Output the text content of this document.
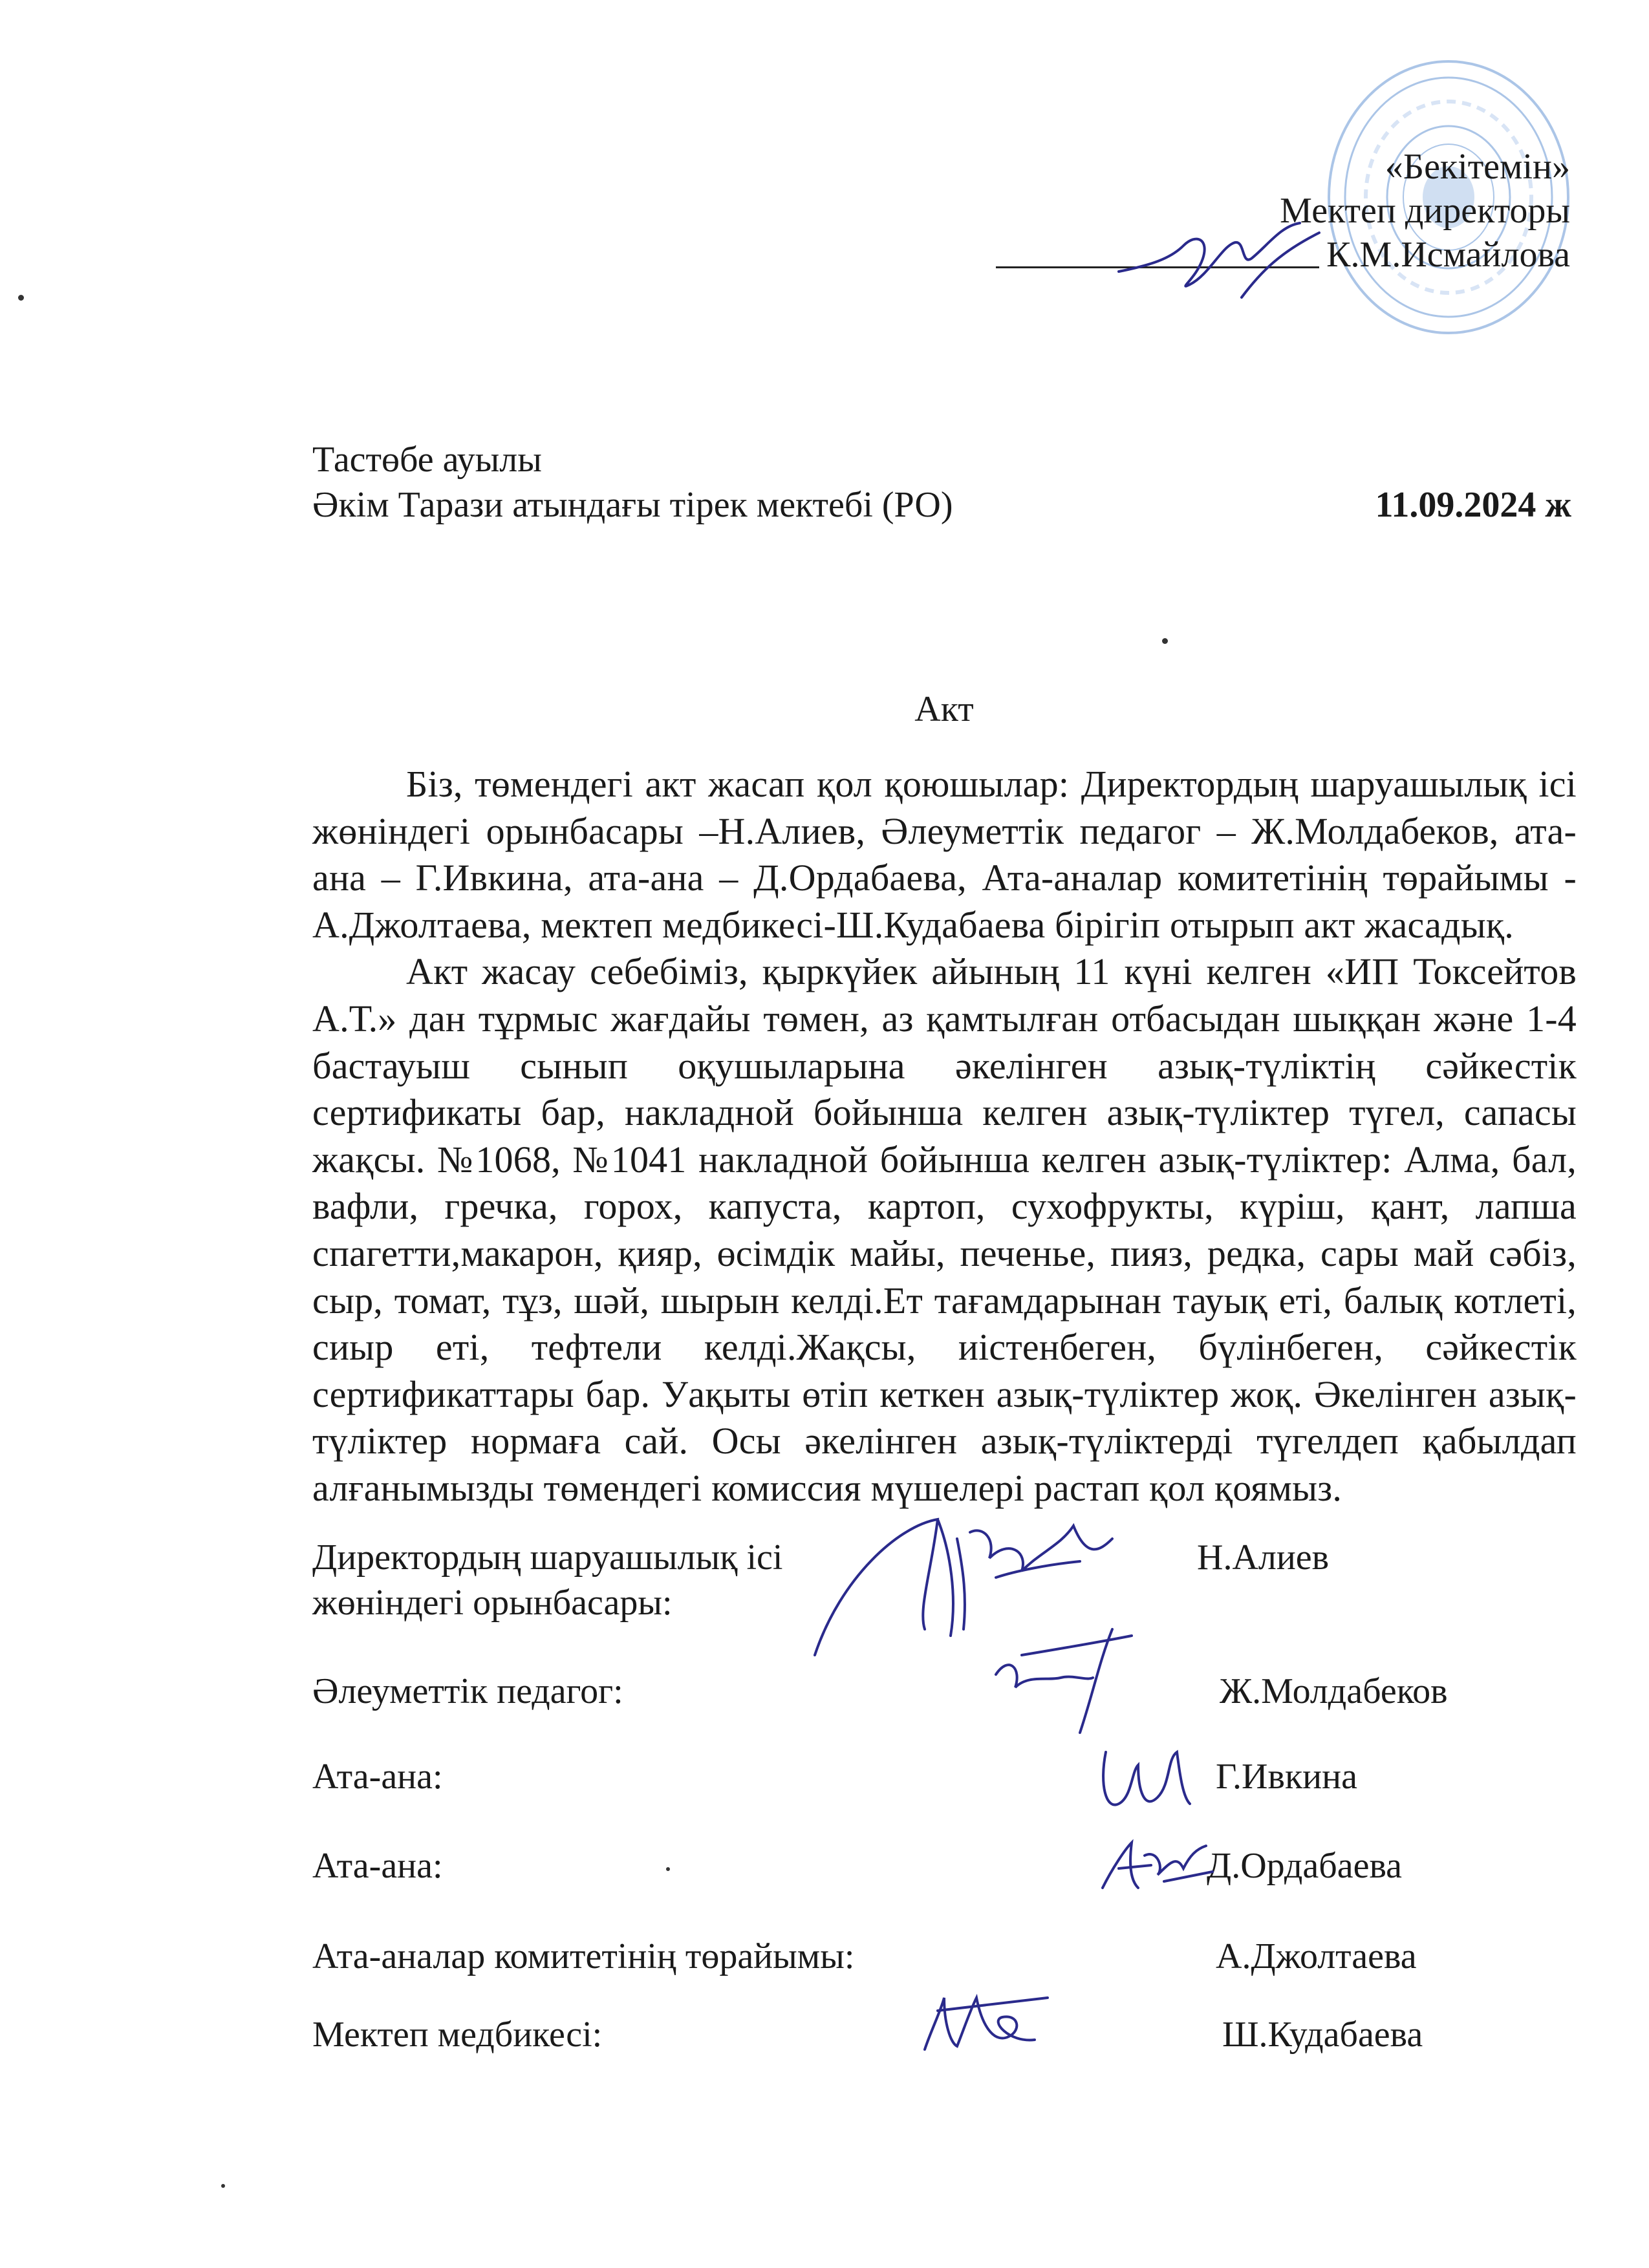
«Бекітемін»
Мектеп директоры
К.М.Исмайлова
Тастөбе ауылы
Әкім Тарази атындағы тірек мектебі (РО)	11.09.2024 ж
Акт

Біз, төмендегі акт жасап қол қоюшылар: Директордың шаруашылық ісі жөніндегі орынбасары –Н.Алиев, Әлеуметтік педагог – Ж.Молдабеков, ата-ана – Г.Ивкина, ата-ана – Д.Ордабаева, Ата-аналар комитетінің төрайымы - А.Джолтаева, мектеп медбикесі-Ш.Кудабаева бірігіп отырып акт жасадық.

Акт жасау себебіміз, қыркүйек айының 11 күні келген «ИП Токсейтов А.Т.» дан тұрмыс жағдайы төмен, аз қамтылған отбасыдан шыққан және 1-4 бастауыш сынып оқушыларына әкелінген азық-түліктің сәйкестік сертификаты бар, накладной бойынша келген азық-түліктер түгел, сапасы жақсы. №1068, №1041 накладной бойынша келген азық-түліктер: Алма, бал, вафли, гречка, горох, капуста, картоп, сухофрукты, күріш, қант, лапша спагетти,макарон, қияр, өсімдік майы, печенье, пияз, редка, сары май сәбіз, сыр, томат, тұз, шәй, шырын келді.Ет тағамдарынан тауық еті, балық котлеті, сиыр еті, тефтели келді.Жақсы, иістенбеген, бүлінбеген, сәйкестік сертификаттары бар. Уақыты өтіп кеткен азық-түліктер жоқ. Әкелінген азық-түліктер нормаға сай. Осы әкелінген азық-түліктерді түгелдеп қабылдап алғанымызды төмендегі комиссия мүшелері растап қол қоямыз.

Директордың шаруашылық ісі
жөніндегі орынбасары:
Н.Алиев
Әлеуметтік педагог:	Ж.Молдабеков
Ата-ана:	Г.Ивкина
Ата-ана:	Д.Ордабаева
Ата-аналар комитетінің төрайымы:	А.Джолтаева
Мектеп медбикесі:	Ш.Кудабаева
